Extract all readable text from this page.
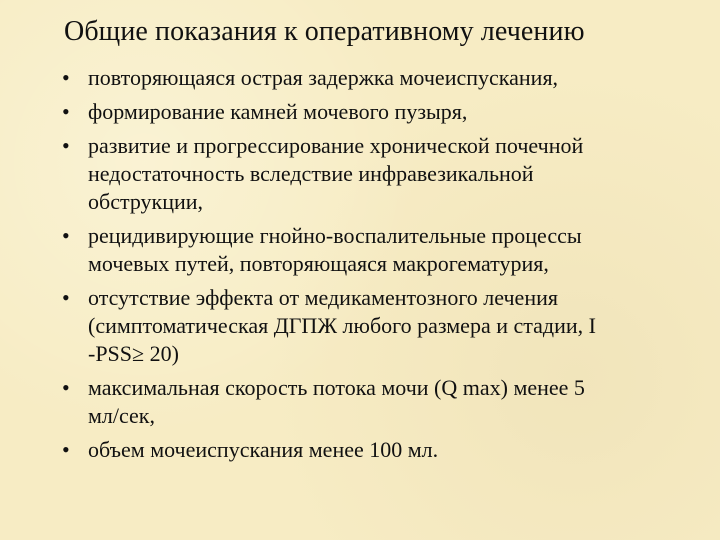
Общие показания к оперативному лечению
• повторяющаяся острая задержка мочеиспускания,
• формирование камней мочевого пузыря,
• развитие и прогрессирование хронической почечной
недостаточность вследствие инфравезикальной
обструкции,
• рецидивирующие гнойно-воспалительные процессы
мочевых путей, повторяющаяся макрогематурия,
• отсутствие эффекта от медикаментозного лечения
(симптоматическая ДГПЖ любого размера и стадии, I
-PSS≥ 20)
• максимальная скорость потока мочи (Q max) менее 5
мл/сек,
• объем мочеиспускания менее 100 мл.
